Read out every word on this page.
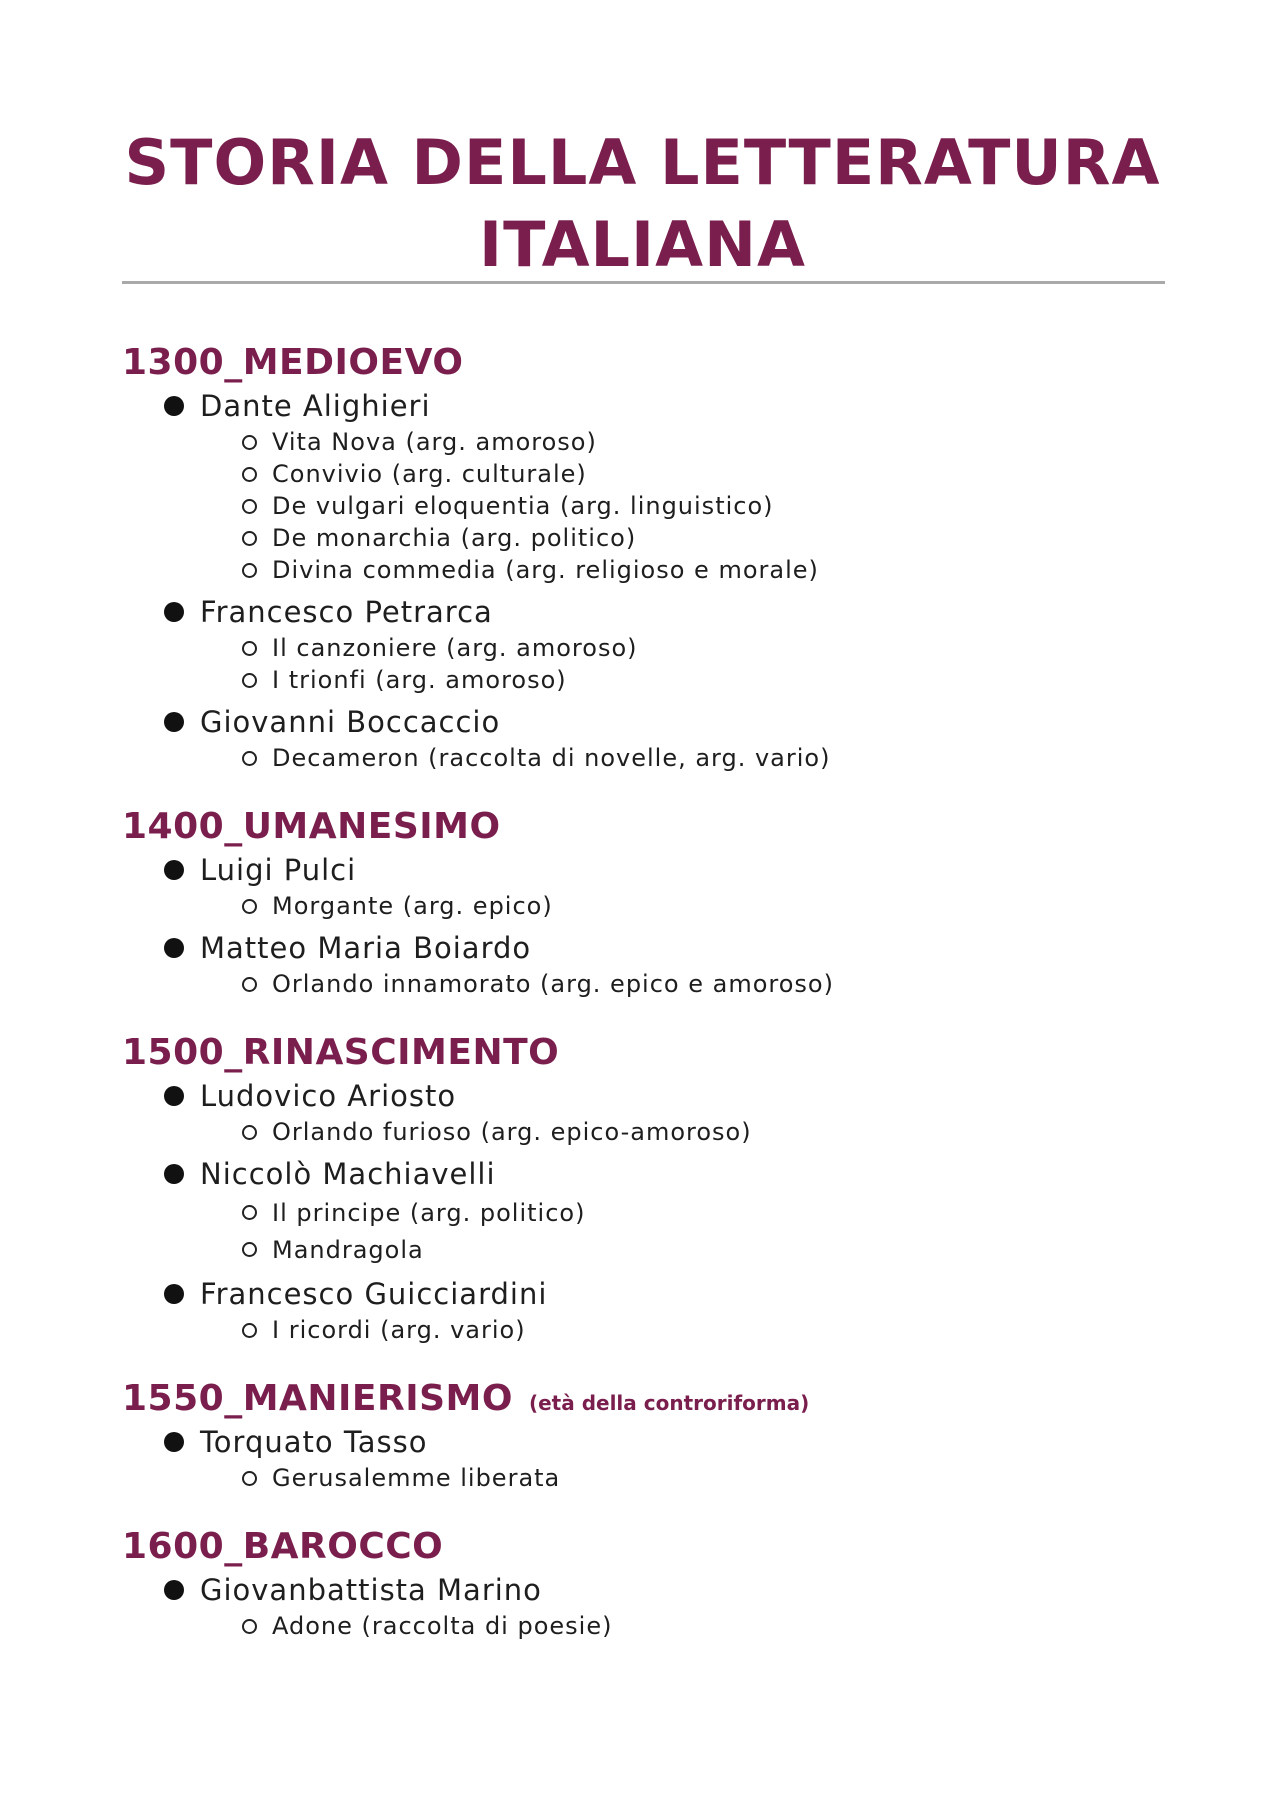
STORIA DELLA LETTERATURA
ITALIANA
1300_MEDIOEVO
Dante Alighieri
Vita Nova (arg. amoroso)
Convivio (arg. culturale)
De vulgari eloquentia (arg. linguistico)
De monarchia (arg. politico)
Divina commedia (arg. religioso e morale)
Francesco Petrarca
Il canzoniere (arg. amoroso)
I trionfi (arg. amoroso)
Giovanni Boccaccio
Decameron (raccolta di novelle, arg. vario)
1400_UMANESIMO
Luigi Pulci
Morgante (arg. epico)
Matteo Maria Boiardo
Orlando innamorato (arg. epico e amoroso)
1500_RINASCIMENTO
Ludovico Ariosto
Orlando furioso (arg. epico-amoroso)
Niccolò Machiavelli
Il principe (arg. politico)
Mandragola
Francesco Guicciardini
I ricordi (arg. vario)
1550_MANIERISMO (età della controriforma)
Torquato Tasso
Gerusalemme liberata
1600_BAROCCO
Giovanbattista Marino
Adone (raccolta di poesie)
